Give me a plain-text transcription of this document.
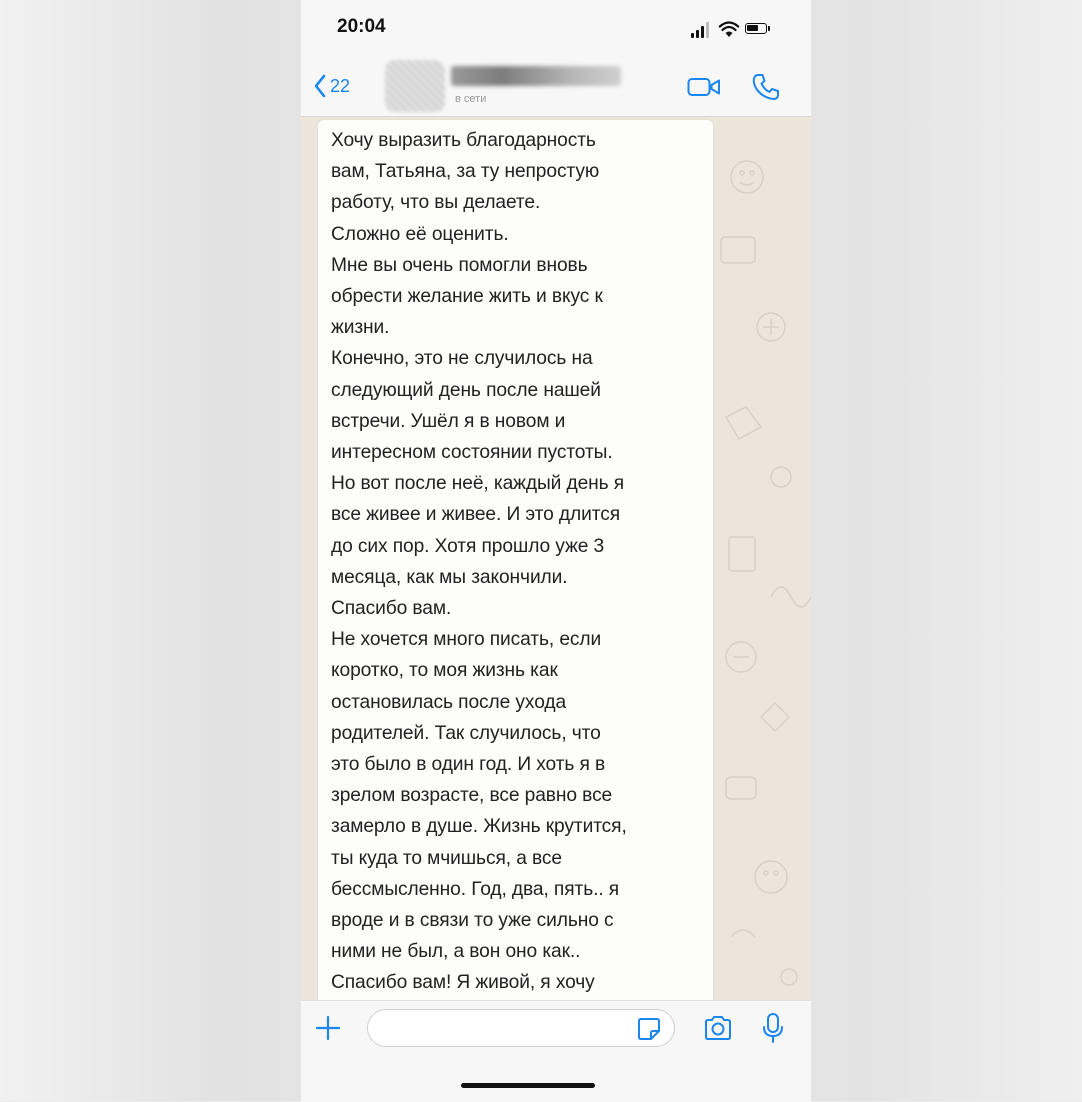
20:04
22
в сети

Хочу выразить благодарность
вам, Татьяна, за ту непростую
работу, что вы делаете.
Сложно её оценить.
Мне вы очень помогли вновь
обрести желание жить и вкус к
жизни.
Конечно, это не случилось на
следующий день после нашей
встречи. Ушёл я в новом и
интересном состоянии пустоты.
Но вот после неё, каждый день я
все живее и живее. И это длится
до сих пор. Хотя прошло уже 3
месяца, как мы закончили.
Спасибо вам.
Не хочется много писать, если
коротко, то моя жизнь как
остановилась после ухода
родителей. Так случилось, что
это было в один год. И хоть я в
зрелом возрасте, все равно все
замерло в душе. Жизнь крутится,
ты куда то мчишься, а все
бессмысленно. Год, два, пять.. я
вроде и в связи то уже сильно с
ними не был, а вон оно как..
Спасибо вам! Я живой, я хочу
